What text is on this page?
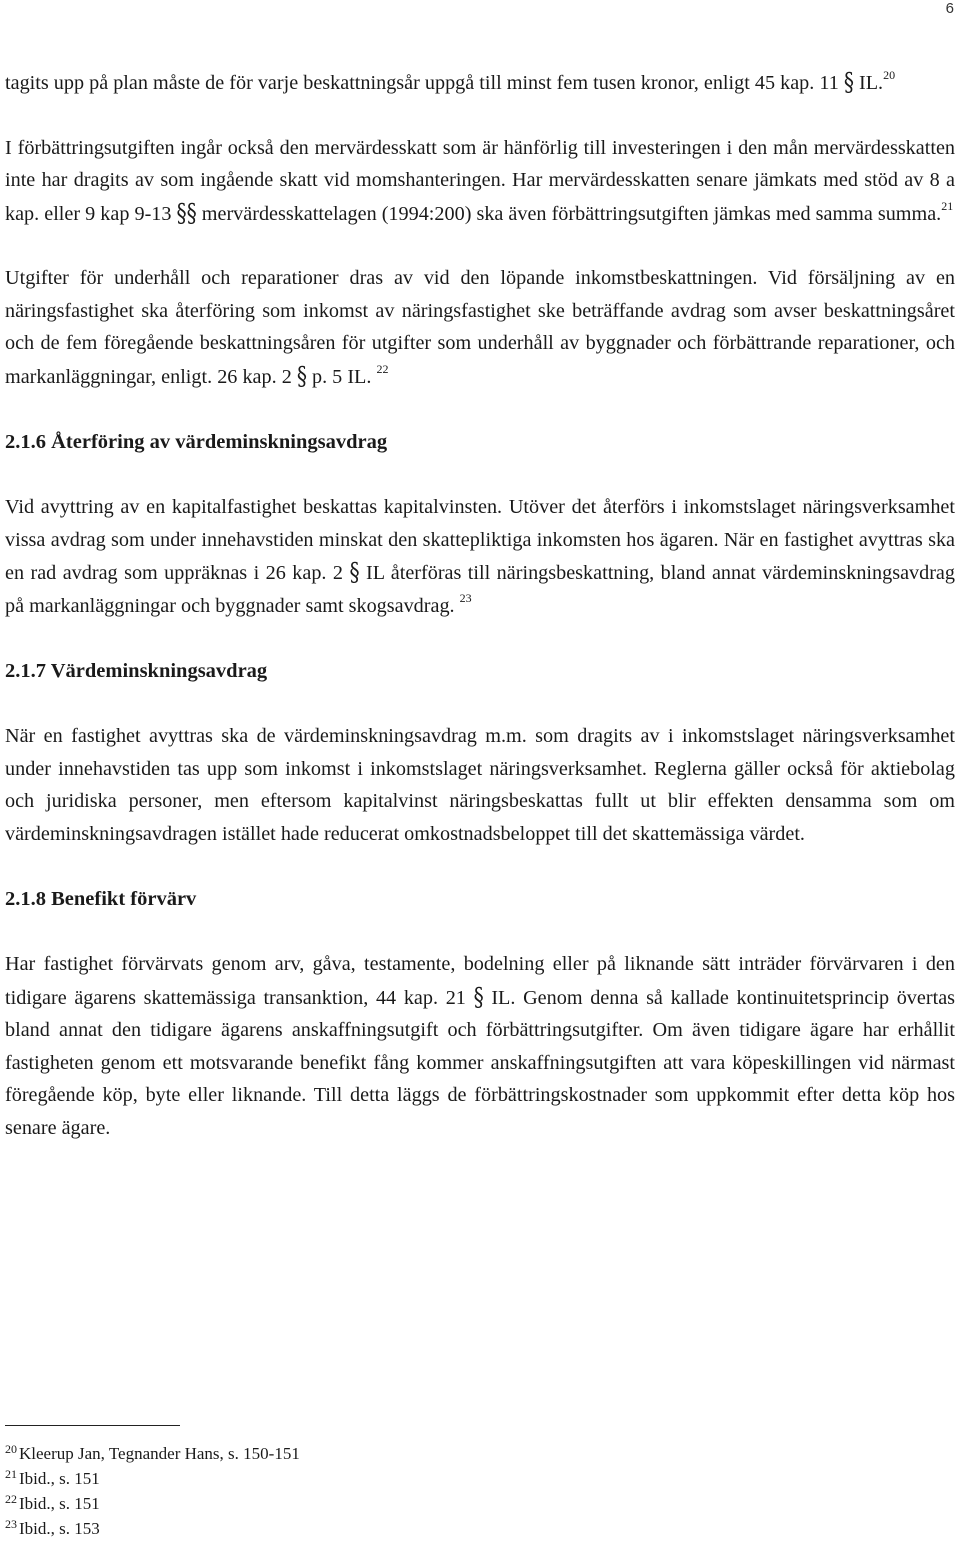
6

tagits upp på plan måste de för varje beskattningsår uppgå till minst fem tusen kronor, enligt 45 kap. 11 § IL.$^{20}$

I förbättringsutgiften ingår också den mervärdesskatt som är hänförlig till investeringen i den mån mervärdesskatten inte har dragits av som ingående skatt vid momshanteringen. Har mervärdesskatten senare jämkats med stöd av 8 a kap. eller 9 kap 9-13 §§ mervärdesskattelagen (1994:200) ska även förbättringsutgiften jämkas med samma summa.$^{21}$

Utgifter för underhåll och reparationer dras av vid den löpande inkomstbeskattningen. Vid försäljning av en näringsfastighet ska återföring som inkomst av näringsfastighet ske beträffande avdrag som avser beskattningsåret och de fem föregående beskattningsåren för utgifter som underhåll av byggnader och förbättrande reparationer, och markanläggningar, enligt. 26 kap. 2 § p. 5 IL. $^{22}$

2.1.6 Återföring av värdeminskningsavdrag

Vid avyttring av en kapitalfastighet beskattas kapitalvinsten. Utöver det återförs i inkomstslaget näringsverksamhet vissa avdrag som under innehavstiden minskat den skattepliktiga inkomsten hos ägaren. När en fastighet avyttras ska en rad avdrag som uppräknas i 26 kap. 2 § IL återföras till näringsbeskattning, bland annat värdeminskningsavdrag på markanläggningar och byggnader samt skogsavdrag. $^{23}$

2.1.7 Värdeminskningsavdrag

När en fastighet avyttras ska de värdeminskningsavdrag m.m. som dragits av i inkomstslaget näringsverksamhet under innehavstiden tas upp som inkomst i inkomstslaget näringsverksamhet. Reglerna gäller också för aktiebolag och juridiska personer, men eftersom kapitalvinst näringsbeskattas fullt ut blir effekten densamma som om värdeminskningsavdragen istället hade reducerat omkostnadsbeloppet till det skattemässiga värdet.

2.1.8 Benefikt förvärv

Har fastighet förvärvats genom arv, gåva, testamente, bodelning eller på liknande sätt inträder förvärvaren i den tidigare ägarens skattemässiga transanktion, 44 kap. 21 § IL. Genom denna så kallade kontinuitetsprincip övertas bland annat den tidigare ägarens anskaffningsutgift och förbättringsutgifter. Om även tidigare ägare har erhållit fastigheten genom ett motsvarande benefikt fång kommer anskaffningsutgiften att vara köpeskillingen vid närmast föregående köp, byte eller liknande. Till detta läggs de förbättringskostnader som uppkommit efter detta köp hos senare ägare.

$^{20}$ Kleerup Jan, Tegnander Hans, s. 150-151

$^{21}$ Ibid., s. 151

$^{22}$ Ibid., s. 151

$^{23}$ Ibid., s. 153
